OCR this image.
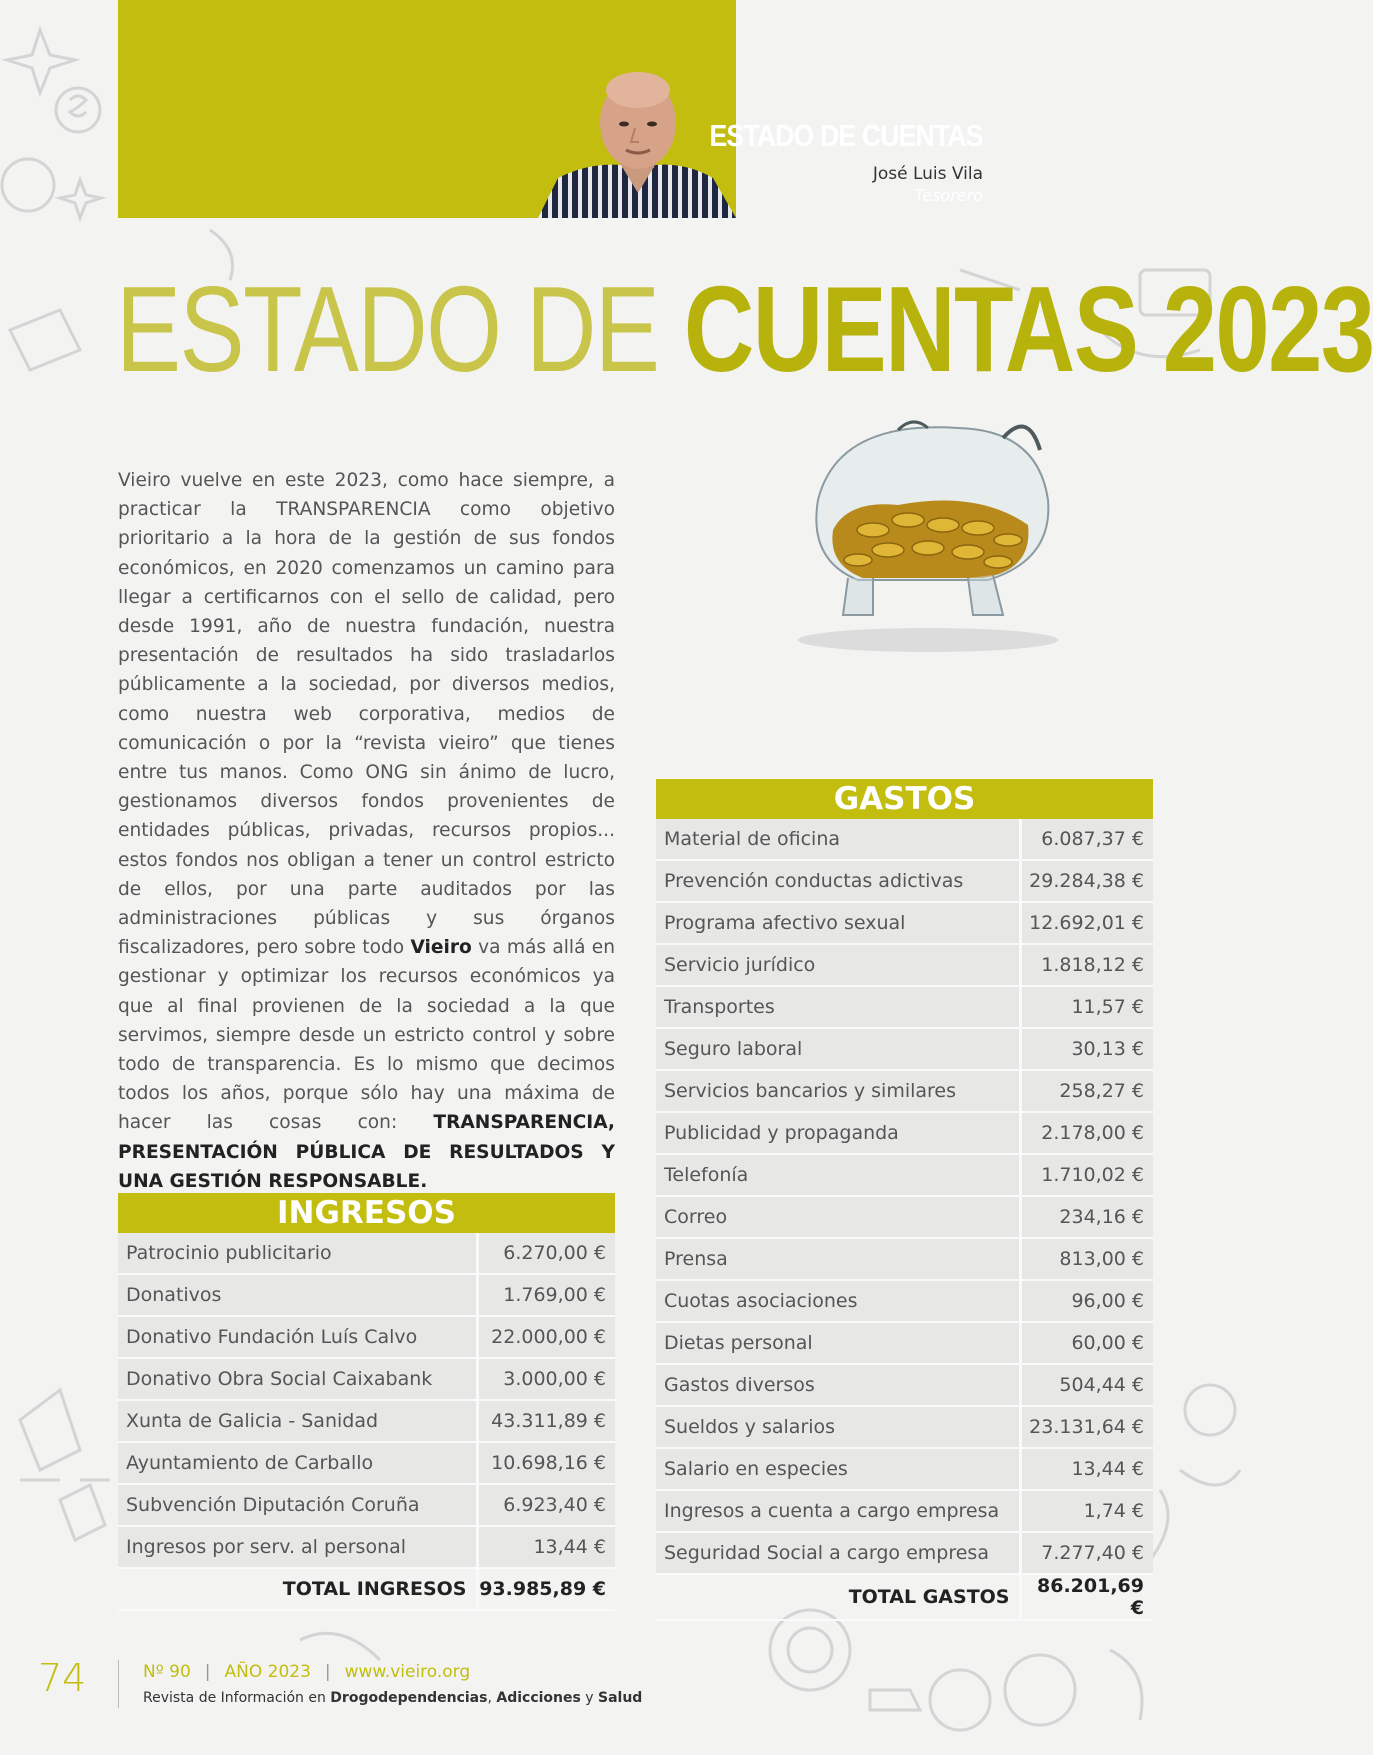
ESTADO DE CUENTAS
José Luis Vila
Tesorero
ESTADO DE CUENTAS 2023
Vieiro vuelve en este 2023, como hace siempre, a practicar la TRANSPARENCIA como objetivo prioritario a la hora de la gestión de sus fondos económicos, en 2020 comenzamos un camino para llegar a certificarnos con el sello de calidad, pero desde 1991, año de nuestra fundación, nuestra presentación de resultados ha sido trasladarlos públicamente a la sociedad, por diversos medios, como nuestra web corporativa, medios de comunicación o por la “revista vieiro” que tienes entre tus manos. Como ONG sin ánimo de lucro, gestionamos diversos fondos provenientes de entidades públicas, privadas, recursos propios... estos fondos nos obligan a tener un control estricto de ellos, por una parte auditados por las administraciones públicas y sus órganos fiscalizadores, pero sobre todo Vieiro va más allá en gestionar y optimizar los recursos económicos ya que al final provienen de la sociedad a la que servimos, siempre desde un estricto control y sobre todo de transparencia. Es lo mismo que decimos todos los años, porque sólo hay una máxima de hacer las cosas con: TRANSPARENCIA, PRESENTACIÓN PÚBLICA DE RESULTADOS Y UNA GESTIÓN RESPONSABLE.
INGRESOS	
Patrocinio publicitario	6.270,00 €
Donativos	1.769,00 €
Donativo Fundación Luís Calvo	22.000,00 €
Donativo Obra Social Caixabank	3.000,00 €
Xunta de Galicia - Sanidad	43.311,89 €
Ayuntamiento de Carballo	10.698,16 €
Subvención Diputación Coruña	6.923,40 €
Ingresos por serv. al personal	13,44 €
TOTAL INGRESOS	93.985,89 €
GASTOS	
Material de oficina	6.087,37 €
Prevención conductas adictivas	29.284,38 €
Programa afectivo sexual	12.692,01 €
Servicio jurídico	1.818,12 €
Transportes	11,57 €
Seguro laboral	30,13 €
Servicios bancarios y similares	258,27 €
Publicidad y propaganda	2.178,00 €
Telefonía	1.710,02 €
Correo	234,16 €
Prensa	813,00 €
Cuotas asociaciones	96,00 €
Dietas personal	60,00 €
Gastos diversos	504,44 €
Sueldos y salarios	23.131,64 €
Salario en especies	13,44 €
Ingresos a cuenta a cargo empresa	1,74 €
Seguridad Social a cargo empresa	7.277,40 €
TOTAL GASTOS	86.201,69 €
74	Nº 90 | AÑO 2023 | www.vieiro.org
Revista de Información en Drogodependencias, Adicciones y Salud
